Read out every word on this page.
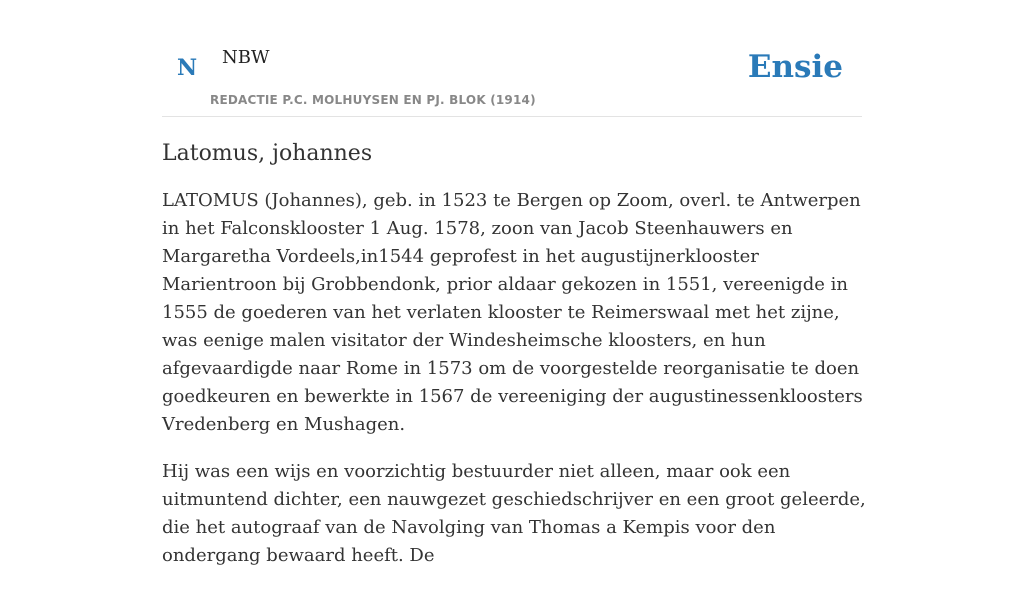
N NBW
REDACTIE P.C. MOLHUYSEN EN PJ. BLOK (1914)
Ensie
Latomus, johannes

LATOMUS (Johannes), geb. in 1523 te Bergen op Zoom, overl. te Antwerpen in het Falconsklooster 1 Aug. 1578, zoon van Jacob Steenhauwers en Margaretha Vordeels,in1544 geprofest in het augustijnerklooster Marientroon bij Grobbendonk, prior aldaar gekozen in 1551, vereenigde in 1555 de goederen van het verlaten klooster te Reimerswaal met het zijne, was eenige malen visitator der Windesheimsche kloosters, en hun afgevaardigde naar Rome in 1573 om de voorgestelde reorganisatie te doen goedkeuren en bewerkte in 1567 de vereeniging der augustinessenkloosters Vredenberg en Mushagen.

Hij was een wijs en voorzichtig bestuurder niet alleen, maar ook een uitmuntend dichter, een nauwgezet geschiedschrijver en een groot geleerde, die het autograaf van de Navolging van Thomas a Kempis voor den ondergang bewaard heeft. De
